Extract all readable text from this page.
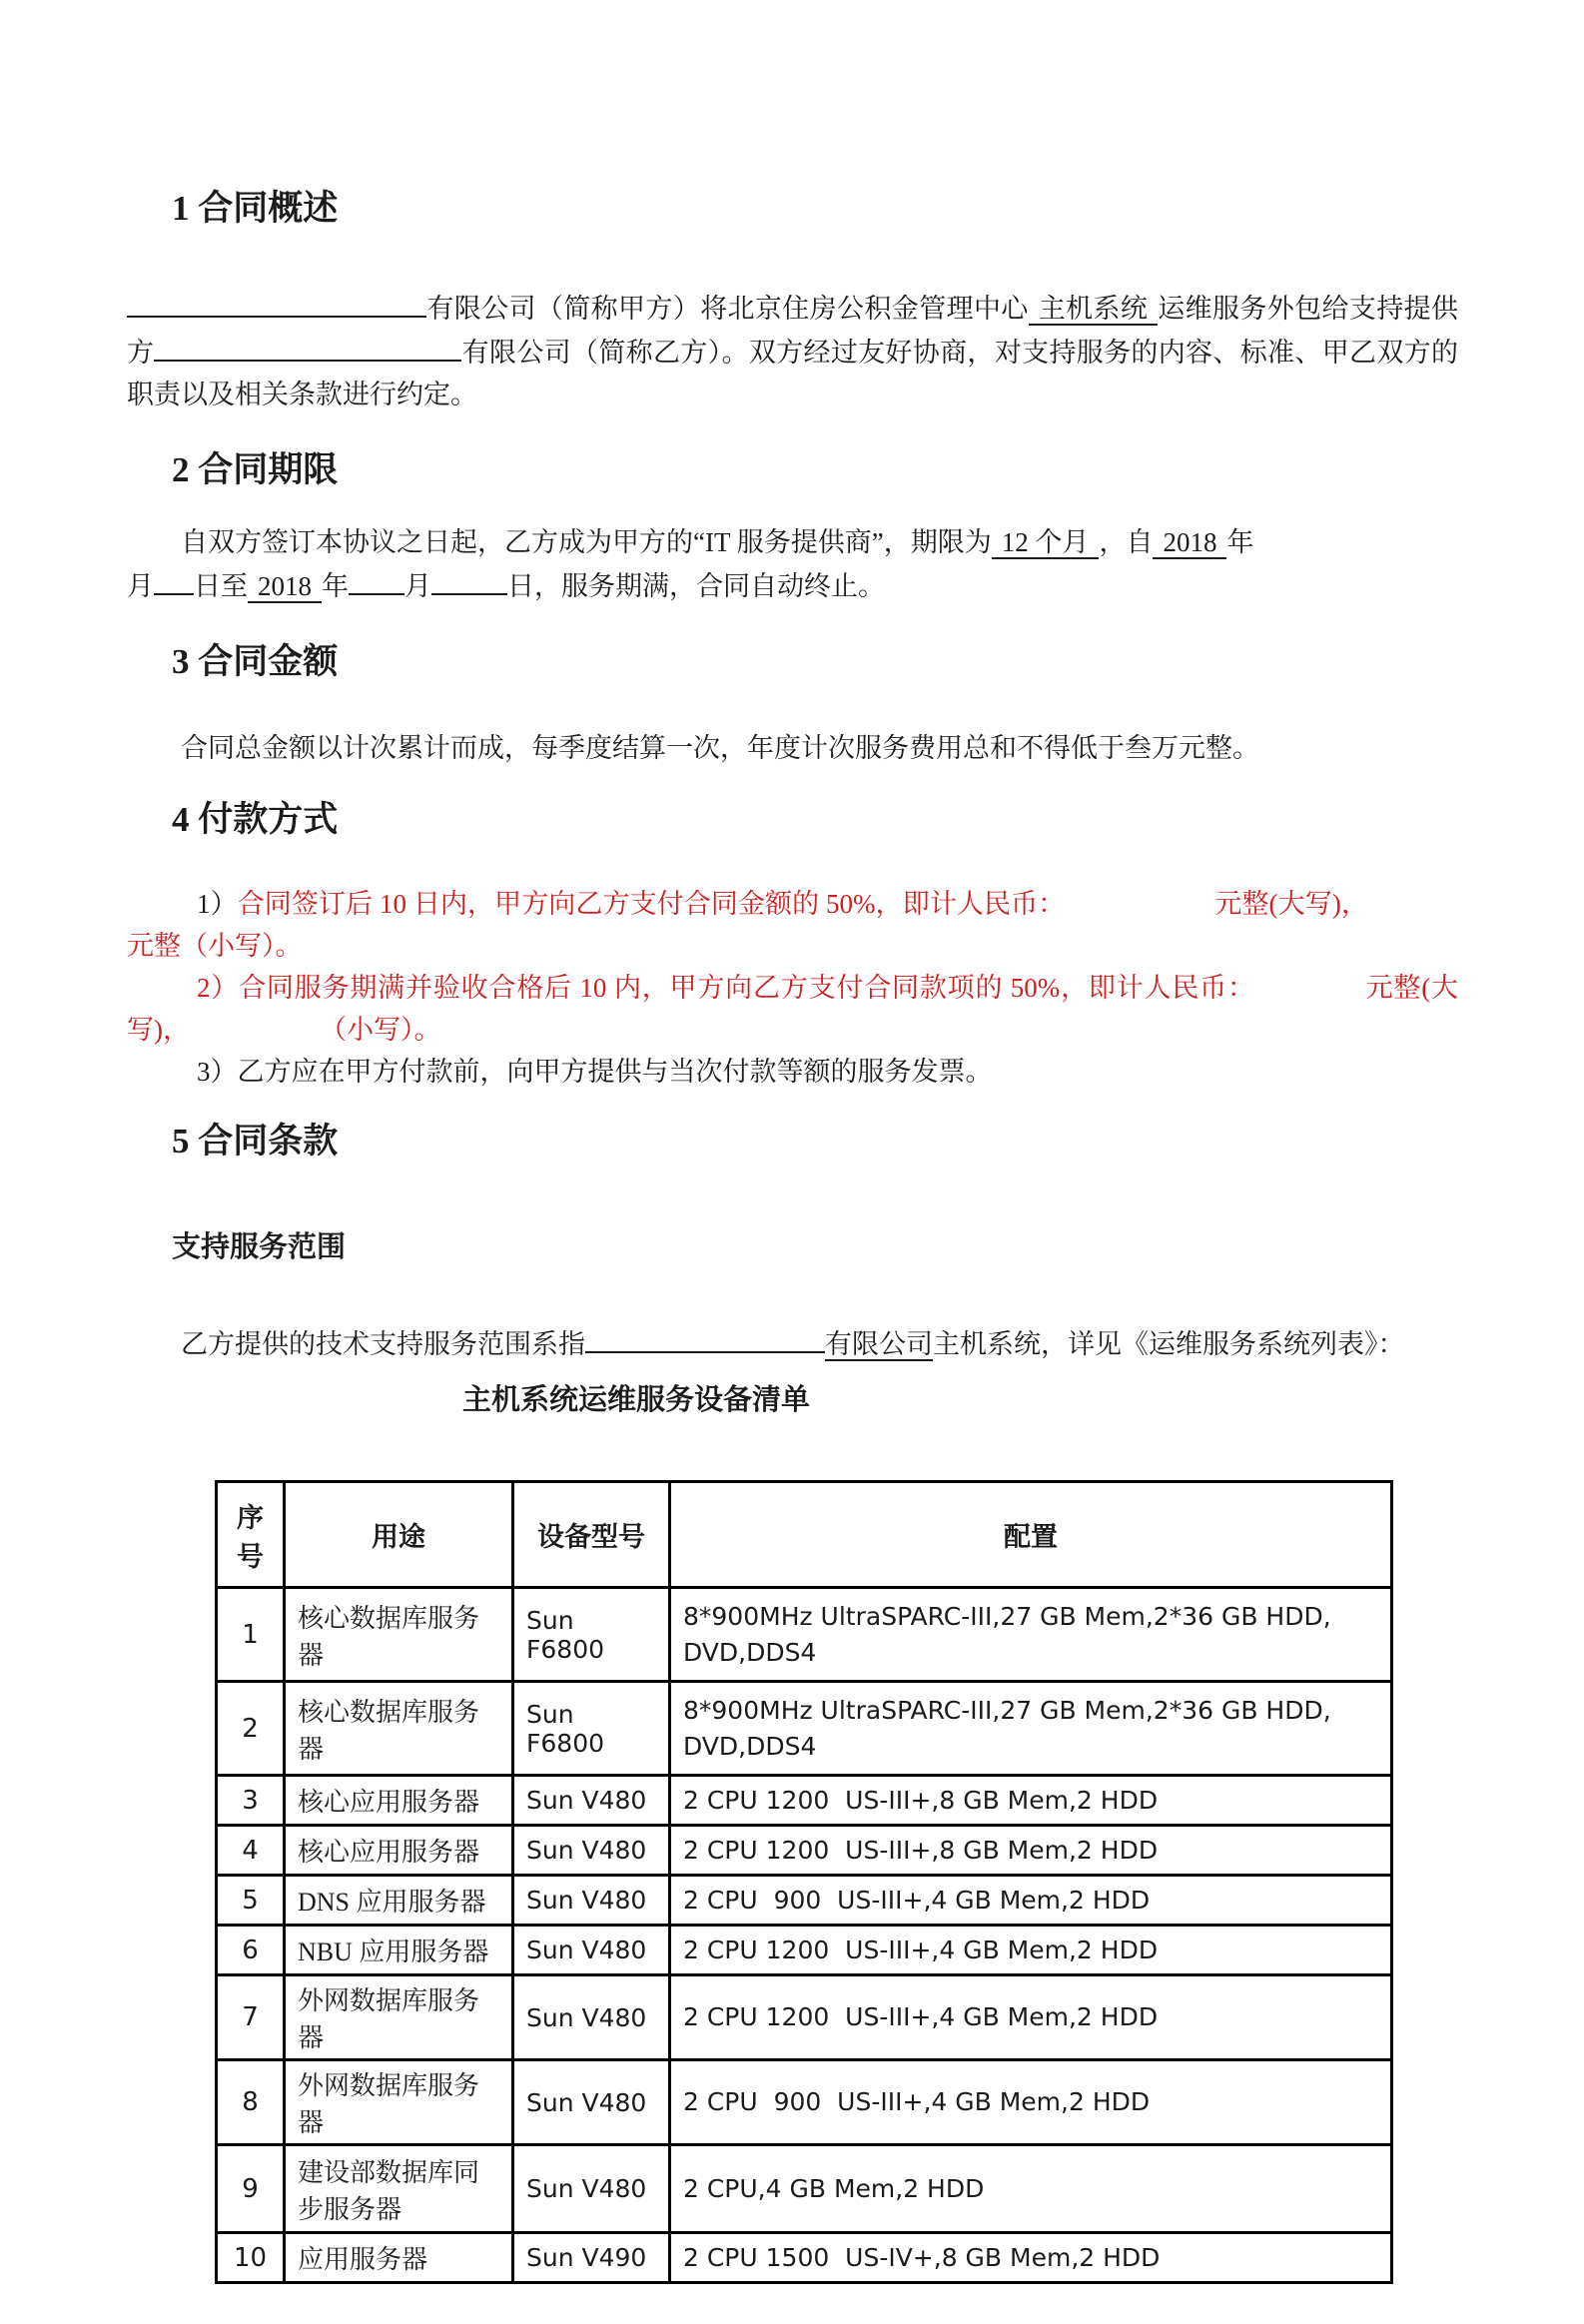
1 合同概述

有限公司（简称甲方）将北京住房公积金管理中心 主机系统 运维服务外包给支持提供方	有限公司（简称乙方）。双方经过友好协商，对支持服务的内容、标准、甲乙双方的职责以及相关条款进行约定。

2 合同期限

自双方签订本协议之日起，乙方成为甲方的“IT 服务提供商”，期限为 12 个月 ，自 2018 年
月 日至 2018 年 月	日，服务期满，合同自动终止。

3 合同金额

合同总金额以计次累计而成，每季度结算一次，年度计次服务费用总和不得低于叁万元整。

4 付款方式

1）合同签订后 10 日内，甲方向乙方支付合同金额的 50%，即计人民币：	元整(大写)，元整（小写）。

2）合同服务期满并验收合格后 10 内，甲方向乙方支付合同款项的 50%，即计人民币：	元整(大写)，	（小写）。

3）乙方应在甲方付款前，向甲方提供与当次付款等额的服务发票。

5 合同条款
支持服务范围

乙方提供的技术支持服务范围系指	有限公司主机系统，详见《运维服务系统列表》：

主机系统运维服务设备清单
序号	用途	设备型号	配置
1	核心数据库服务器	Sun F6800	8*900MHz UltraSPARC-III,27 GB Mem,2*36 GB HDD, DVD,DDS4
2	核心数据库服务器	Sun F6800	8*900MHz UltraSPARC-III,27 GB Mem,2*36 GB HDD, DVD,DDS4
3	核心应用服务器	Sun V480	2 CPU 1200  US-III+,8 GB Mem,2 HDD
4	核心应用服务器	Sun V480	2 CPU 1200  US-III+,8 GB Mem,2 HDD
5	DNS 应用服务器	Sun V480	2 CPU  900  US-III+,4 GB Mem,2 HDD
6	NBU 应用服务器	Sun V480	2 CPU 1200  US-III+,4 GB Mem,2 HDD
7	外网数据库服务器	Sun V480	2 CPU 1200  US-III+,4 GB Mem,2 HDD
8	外网数据库服务器	Sun V480	2 CPU  900  US-III+,4 GB Mem,2 HDD
9	建设部数据库同步服务器	Sun V480	2 CPU,4 GB Mem,2 HDD
10	应用服务器	Sun V490	2 CPU 1500  US-IV+,8 GB Mem,2 HDD
